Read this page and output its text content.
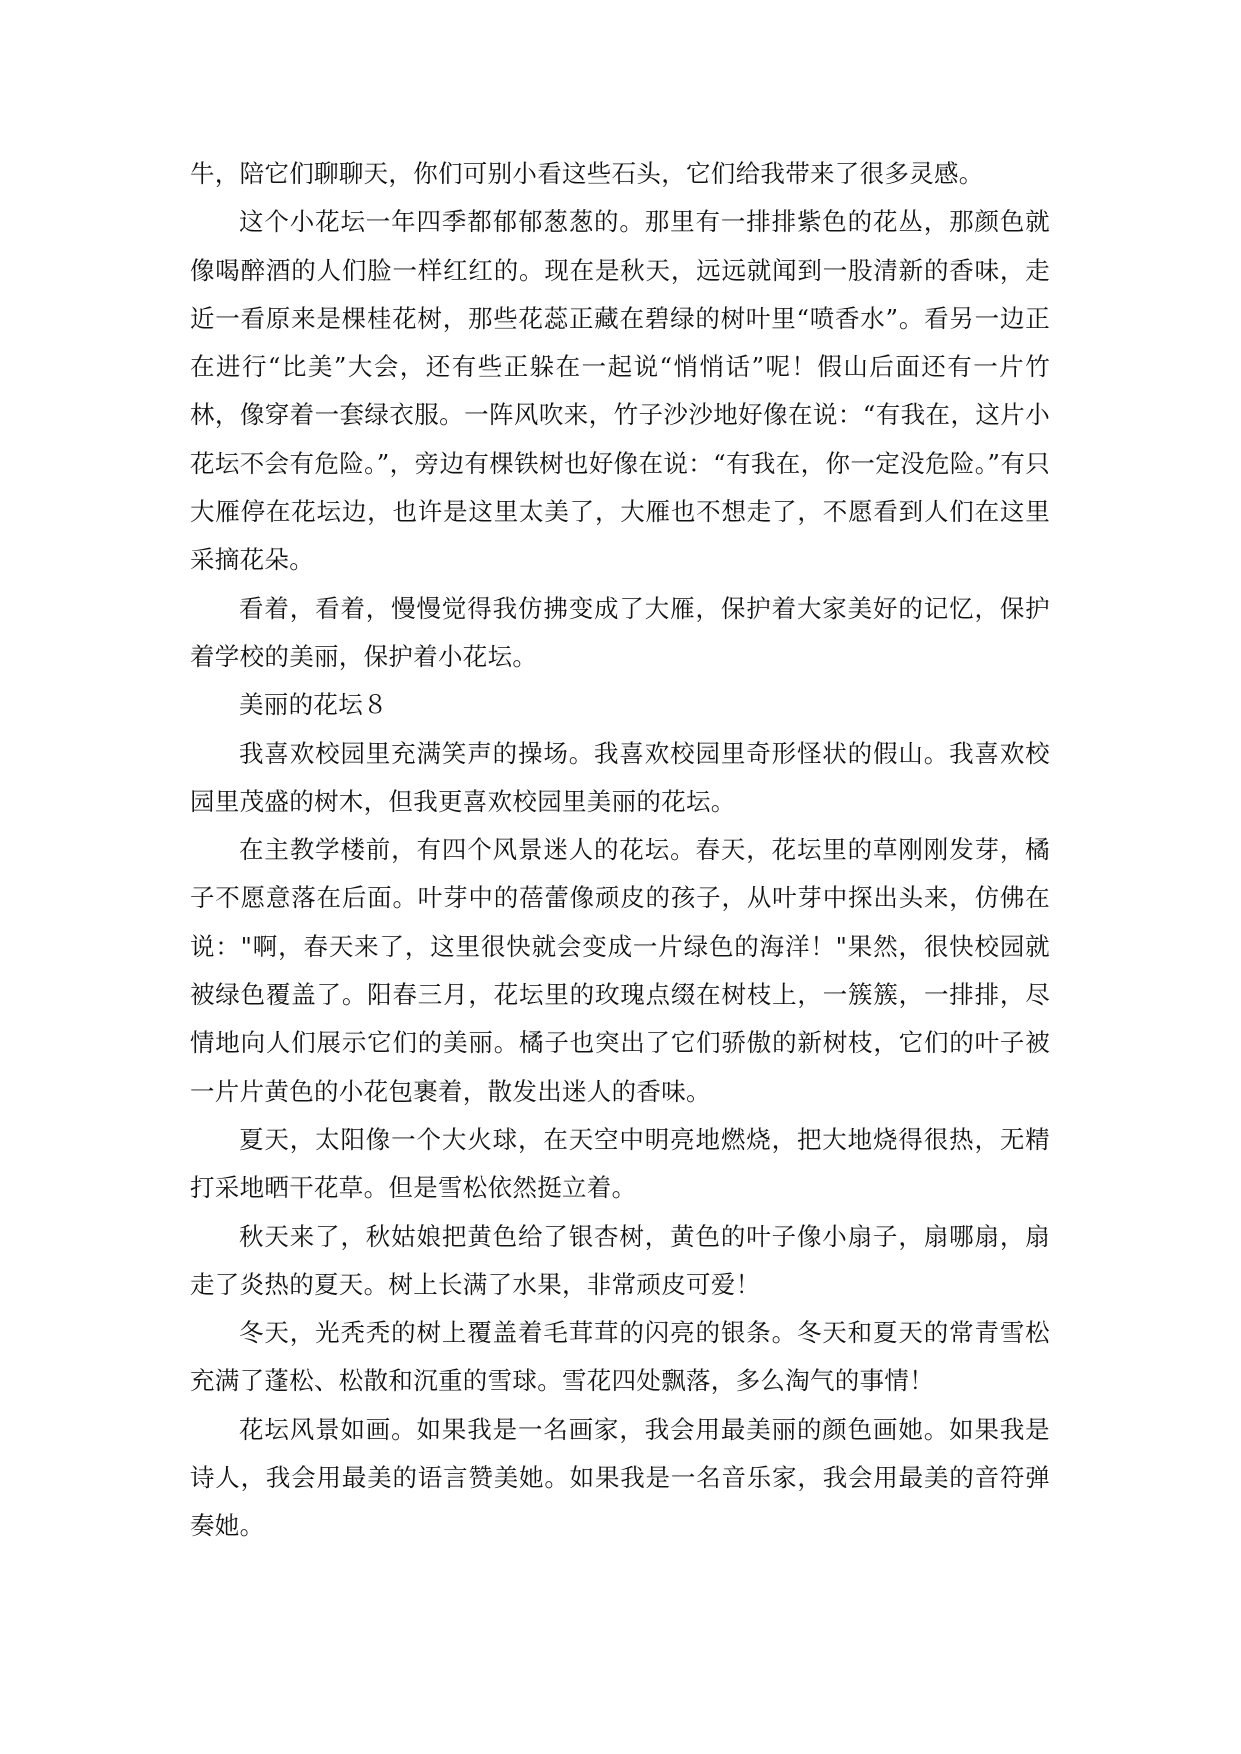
牛，陪它们聊聊天，你们可别小看这些石头，它们给我带来了很多灵感。

这个小花坛一年四季都郁郁葱葱的。那里有一排排紫色的花丛，那颜色就像喝醉酒的人们脸一样红红的。现在是秋天，远远就闻到一股清新的香味，走近一看原来是棵桂花树，那些花蕊正藏在碧绿的树叶里“喷香水”。看另一边正在进行“比美”大会，还有些正躲在一起说“悄悄话”呢！假山后面还有一片竹林，像穿着一套绿衣服。一阵风吹来，竹子沙沙地好像在说：“有我在，这片小花坛不会有危险。”，旁边有棵铁树也好像在说：“有我在，你一定没危险。”有只大雁停在花坛边，也许是这里太美了，大雁也不想走了，不愿看到人们在这里采摘花朵。

看着，看着，慢慢觉得我仿拂变成了大雁，保护着大家美好的记忆，保护着学校的美丽，保护着小花坛。

美丽的花坛８

我喜欢校园里充满笑声的操场。我喜欢校园里奇形怪状的假山。我喜欢校园里茂盛的树木，但我更喜欢校园里美丽的花坛。

在主教学楼前，有四个风景迷人的花坛。春天，花坛里的草刚刚发芽，橘子不愿意落在后面。叶芽中的蓓蕾像顽皮的孩子，从叶芽中探出头来，仿佛在说："啊，春天来了，这里很快就会变成一片绿色的海洋！"果然，很快校园就被绿色覆盖了。阳春三月，花坛里的玫瑰点缀在树枝上，一簇簇，一排排，尽情地向人们展示它们的美丽。橘子也突出了它们骄傲的新树枝，它们的叶子被一片片黄色的小花包裹着，散发出迷人的香味。

夏天，太阳像一个大火球，在天空中明亮地燃烧，把大地烧得很热，无精打采地晒干花草。但是雪松依然挺立着。

秋天来了，秋姑娘把黄色给了银杏树，黄色的叶子像小扇子，扇哪扇，扇走了炎热的夏天。树上长满了水果，非常顽皮可爱！

冬天，光秃秃的树上覆盖着毛茸茸的闪亮的银条。冬天和夏天的常青雪松充满了蓬松、松散和沉重的雪球。雪花四处飘落，多么淘气的事情！

花坛风景如画。如果我是一名画家，我会用最美丽的颜色画她。如果我是诗人，我会用最美的语言赞美她。如果我是一名音乐家，我会用最美的音符弹奏她。
